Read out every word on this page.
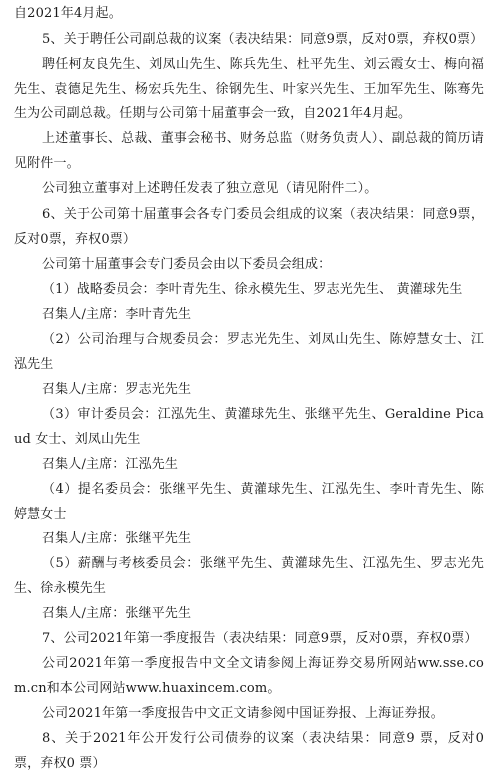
自2021年4月起。

5、关于聘任公司副总裁的议案（表决结果：同意9票，反对0票，弃权0票）

聘任柯友良先生、刘凤山先生、陈兵先生、杜平先生、刘云霞女士、梅向福先生、袁德足先生、杨宏兵先生、徐钢先生、叶家兴先生、王加军先生、陈骞先生为公司副总裁。任期与公司第十届董事会一致，自2021年4月起。

上述董事长、总裁、董事会秘书、财务总监（财务负责人）、副总裁的简历请见附件一。

公司独立董事对上述聘任发表了独立意见（请见附件二）。

6、关于公司第十届董事会各专门委员会组成的议案（表决结果：同意9票，反对0票，弃权0票）

公司第十届董事会专门委员会由以下委员会组成：

（1）战略委员会：李叶青先生、徐永模先生、罗志光先生、 黄灌球先生

召集人/主席：李叶青先生

（2）公司治理与合规委员会：罗志光先生、刘凤山先生、陈婷慧女士、江泓先生

召集人/主席：罗志光先生

（3）审计委员会：江泓先生、黄灌球先生、张继平先生、Geraldine Picaud 女士、刘凤山先生

召集人/主席：江泓先生

（4）提名委员会：张继平先生、黄灌球先生、江泓先生、李叶青先生、陈婷慧女士

召集人/主席：张继平先生

（5）薪酬与考核委员会：张继平先生、黄灌球先生、江泓先生、罗志光先生、徐永模先生

召集人/主席：张继平先生

7、公司2021年第一季度报告（表决结果：同意9票，反对0票，弃权0票）

公司2021年第一季度报告中文全文请参阅上海证券交易所网站ww.sse.com.cn和本公司网站www.huaxincem.com。

公司2021年第一季度报告中文正文请参阅中国证券报、上海证券报。

8、关于2021年公开发行公司债券的议案（表决结果：同意9 票，反对0 票，弃权0 票）
